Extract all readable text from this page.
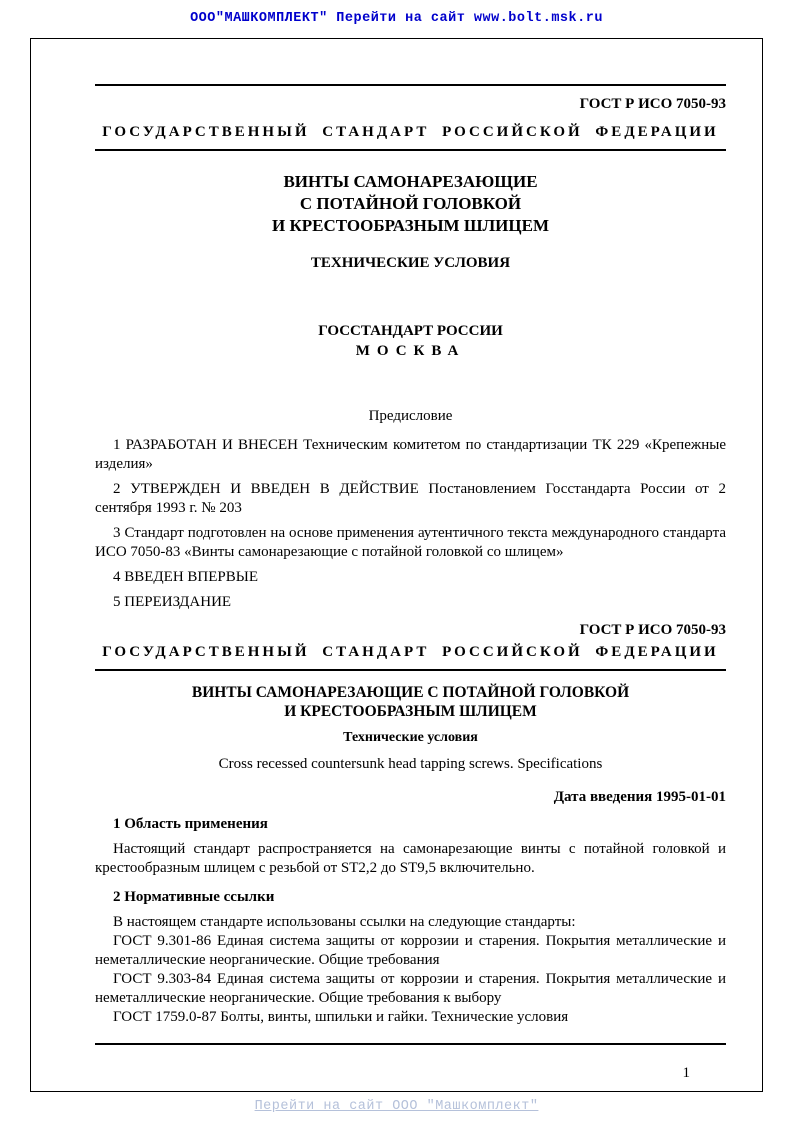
ООО"МАШКОМПЛЕКТ" Перейти на сайт www.bolt.msk.ru
ГОСТ Р ИСО 7050-93
ГОСУДАРСТВЕННЫЙ СТАНДАРТ РОССИЙСКОЙ ФЕДЕРАЦИИ
ВИНТЫ САМОНАРЕЗАЮЩИЕ
С ПОТАЙНОЙ ГОЛОВКОЙ
И КРЕСТООБРАЗНЫМ ШЛИЦЕМ
ТЕХНИЧЕСКИЕ УСЛОВИЯ
ГОССТАНДАРТ РОССИИ
МОСКВА
Предисловие

1 РАЗРАБОТАН И ВНЕСЕН Техническим комитетом по стандартизации ТК 229 «Крепежные изделия»

2 УТВЕРЖДЕН И ВВЕДЕН В ДЕЙСТВИЕ Постановлением Госстандарта России от 2 сентября 1993 г. № 203

3 Стандарт подготовлен на основе применения аутентичного текста международного стандарта ИСО 7050-83 «Винты самонарезающие с потайной головкой со шлицем»

4 ВВЕДЕН ВПЕРВЫЕ

5 ПЕРЕИЗДАНИЕ

ГОСТ Р ИСО 7050-93
ГОСУДАРСТВЕННЫЙ СТАНДАРТ РОССИЙСКОЙ ФЕДЕРАЦИИ
ВИНТЫ САМОНАРЕЗАЮЩИЕ С ПОТАЙНОЙ ГОЛОВКОЙ
И КРЕСТООБРАЗНЫМ ШЛИЦЕМ
Технические условия
Cross recessed countersunk head tapping screws. Specifications
Дата введения 1995-01-01
1 Область применения

Настоящий стандарт распространяется на самонарезающие винты с потайной головкой и крестообразным шлицем с резьбой от ST2,2 до ST9,5 включительно.

2 Нормативные ссылки

В настоящем стандарте использованы ссылки на следующие стандарты:

ГОСТ 9.301-86 Единая система защиты от коррозии и старения. Покрытия металлические и неметаллические неорганические. Общие требования

ГОСТ 9.303-84 Единая система защиты от коррозии и старения. Покрытия металлические и неметаллические неорганические. Общие требования к выбору

ГОСТ 1759.0-87 Болты, винты, шпильки и гайки. Технические условия

1
Перейти на сайт ООО "Машкомплект"
